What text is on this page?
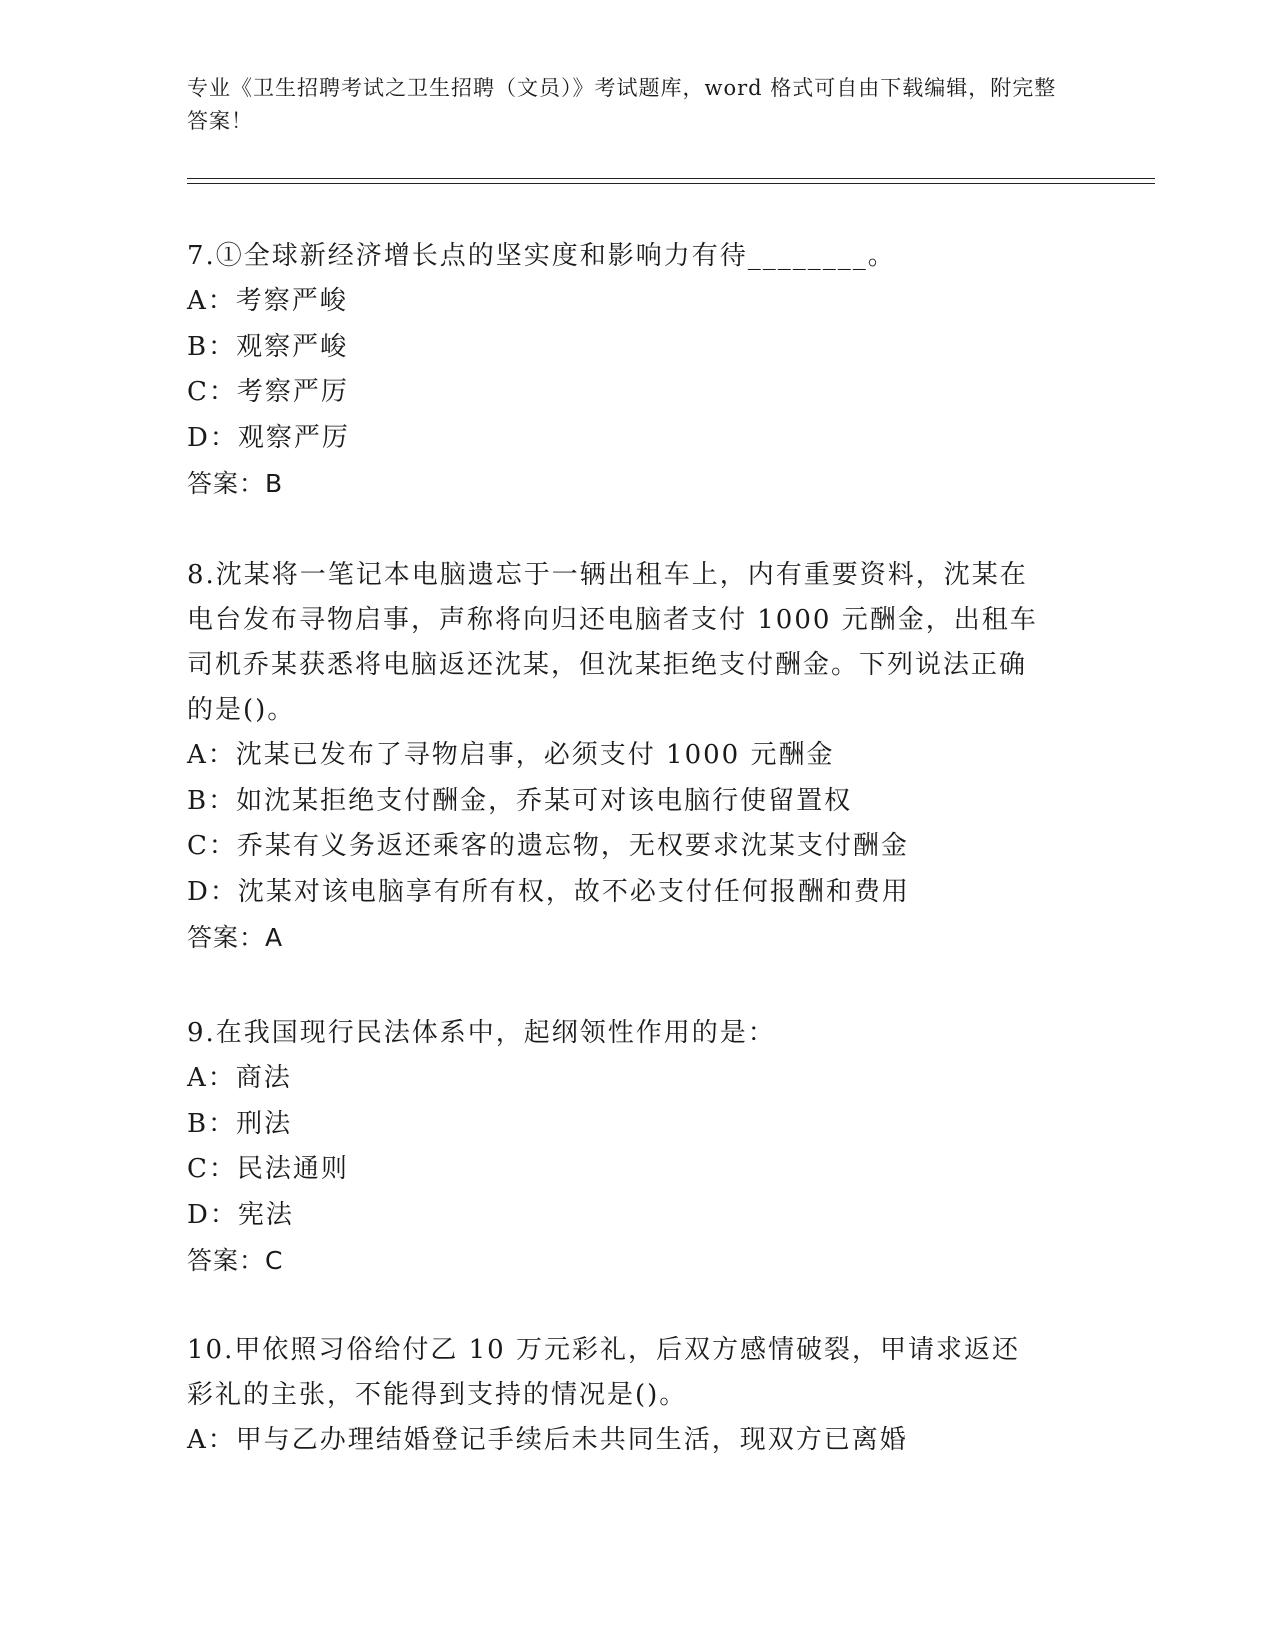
专业《卫生招聘考试之卫生招聘（文员）》考试题库，word 格式可自由下载编辑，附完整答案！
7.①全球新经济增长点的坚实度和影响力有待________。
A：考察严峻
B：观察严峻
C：考察严厉
D：观察严厉
答案：B
8.沈某将一笔记本电脑遗忘于一辆出租车上，内有重要资料，沈某在电台发布寻物启事，声称将向归还电脑者支付 1000 元酬金，出租车司机乔某获悉将电脑返还沈某，但沈某拒绝支付酬金。下列说法正确的是()。
A：沈某已发布了寻物启事，必须支付 1000 元酬金
B：如沈某拒绝支付酬金，乔某可对该电脑行使留置权
C：乔某有义务返还乘客的遗忘物，无权要求沈某支付酬金
D：沈某对该电脑享有所有权，故不必支付任何报酬和费用
答案：A
9.在我国现行民法体系中，起纲领性作用的是：
A：商法
B：刑法
C：民法通则
D：宪法
答案：C
10.甲依照习俗给付乙 10 万元彩礼，后双方感情破裂，甲请求返还彩礼的主张，不能得到支持的情况是()。
A：甲与乙办理结婚登记手续后未共同生活，现双方已离婚
